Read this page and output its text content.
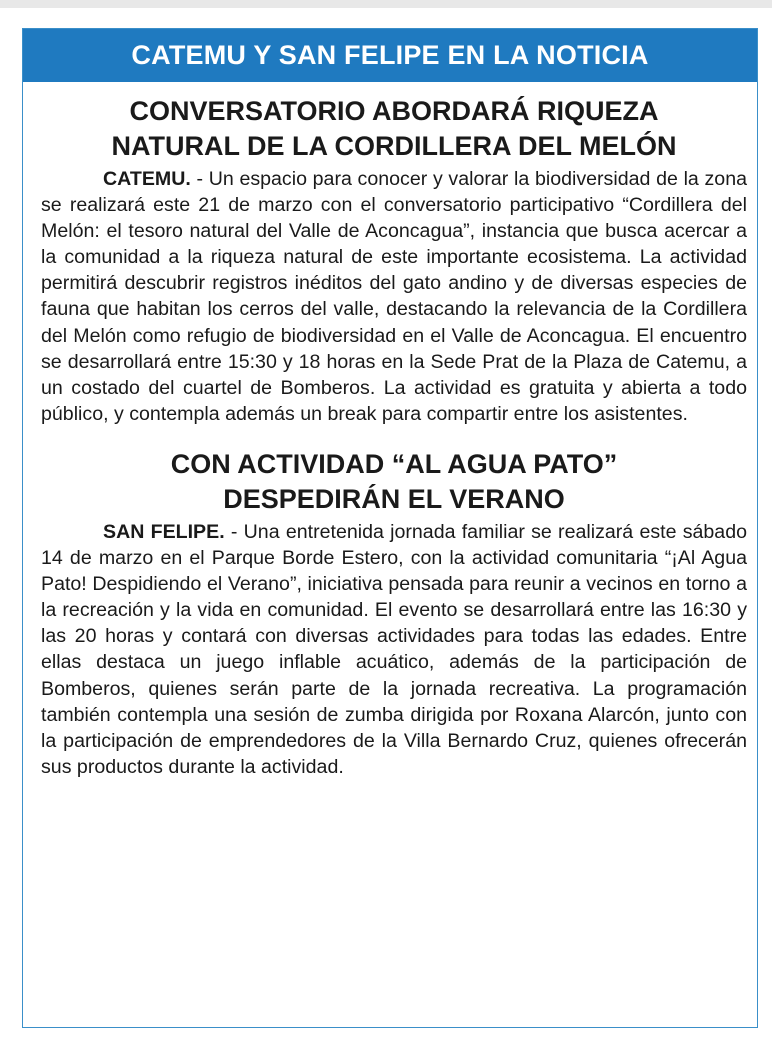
CATEMU Y SAN FELIPE EN LA NOTICIA
CONVERSATORIO ABORDARÁ RIQUEZA
NATURAL DE LA CORDILLERA DEL MELÓN

CATEMU. - Un espacio para conocer y valorar la biodiversidad de la zona se realizará este 21 de marzo con el conversatorio participativo “Cordillera del Melón: el tesoro natural del Valle de Aconcagua”, instancia que busca acercar a la comunidad a la riqueza natural de este importante ecosistema. La actividad permitirá descubrir registros inéditos del gato andino y de diversas especies de fauna que habitan los cerros del valle, destacando la relevancia de la Cordillera del Melón como refugio de biodiversidad en el Valle de Aconcagua. El encuentro se desarrollará entre 15:30 y 18 horas en la Sede Prat de la Plaza de Catemu, a un costado del cuartel de Bomberos. La actividad es gratuita y abierta a todo público, y contempla además un break para compartir entre los asistentes.

CON ACTIVIDAD “AL AGUA PATO”
DESPEDIRÁN EL VERANO

SAN FELIPE. - Una entretenida jornada familiar se realizará este sábado 14 de marzo en el Parque Borde Estero, con la actividad comunitaria “¡Al Agua Pato! Despidiendo el Verano”, iniciativa pensada para reunir a vecinos en torno a la recreación y la vida en comunidad. El evento se desarrollará entre las 16:30 y las 20 horas y contará con diversas actividades para todas las edades. Entre ellas destaca un juego inflable acuático, además de la participación de Bomberos, quienes serán parte de la jornada recreativa. La programación también contempla una sesión de zumba dirigida por Roxana Alarcón, junto con la participación de emprendedores de la Villa Bernardo Cruz, quienes ofrecerán sus productos durante la actividad.
